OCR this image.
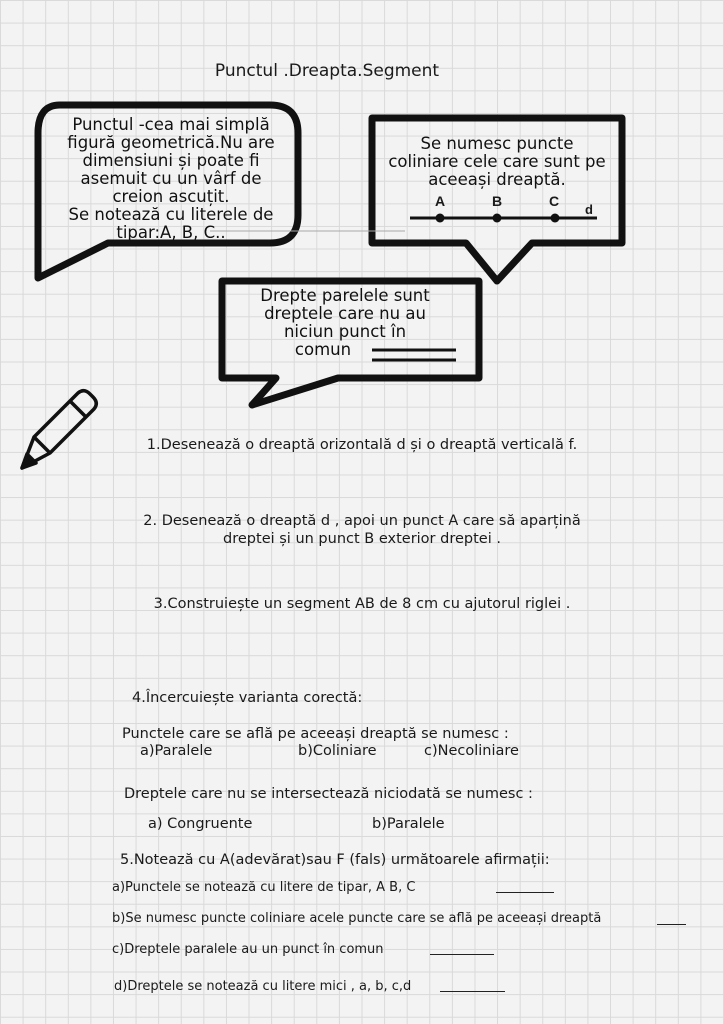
Punctul .Dreapta.Segment
Punctul -cea mai simplă
figură geometrică.Nu are
dimensiuni și poate fi
asemuit cu un vârf de
creion ascuțit.
Se notează cu literele de
tipar:A, B, C..
Se numesc puncte
coliniare cele care sunt pe
aceeași dreaptă.
A	B	C
d
Drepte parelele sunt
dreptele care nu au
niciun punct în
comun
1.Desenează o dreaptă orizontală d și o dreaptă verticală f.
2. Desenează o dreaptă d , apoi un punct A care să aparțină
dreptei și un punct B exterior dreptei .
3.Construiește un segment AB de 8 cm cu ajutorul riglei .
4.Încercuiește varianta corectă:
Punctele care se află pe aceeași dreaptă se numesc :
a)Paralele	b)Coliniare	c)Necoliniare
Dreptele care nu se intersectează niciodată se numesc :
a) Congruente	b)Paralele
5.Notează cu A(adevărat)sau F (fals) următoarele afirmații:
a)Punctele se notează cu litere de tipar, A B, C
b)Se numesc puncte coliniare acele puncte care se află pe aceeași dreaptă
c)Dreptele paralele au un punct în comun
d)Dreptele se notează cu litere mici , a, b, c,d
